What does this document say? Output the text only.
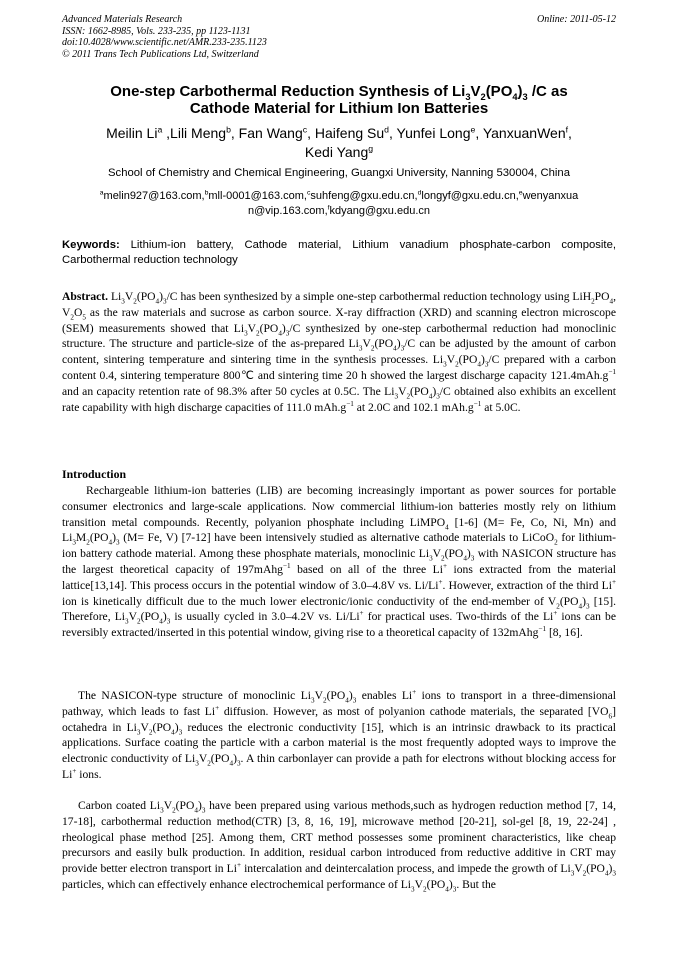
Advanced Materials Research
ISSN: 1662-8985, Vols. 233-235, pp 1123-1131
doi:10.4028/www.scientific.net/AMR.233-235.1123
© 2011 Trans Tech Publications Ltd, Switzerland
Online: 2011-05-12
One-step Carbothermal Reduction Synthesis of $Li_3V_2(PO_4)_3$ /C as
Cathode Material for Lithium Ion Batteries
Meilin Li$^a$ ,Lili Meng$^b$, Fan Wang$^c$, Haifeng Su$^d$, Yunfei Long$^e$, YanxuanWen$^f$,
Kedi Yang$^g$
School of Chemistry and Chemical Engineering, Guangxi University, Nanning 530004, China
$^a$melin927@163.com,$^b$mll-0001@163.com,$^c$suhfeng@gxu.edu.cn,$^d$longyf@gxu.edu.cn,$^e$wenyanxua
n@vip.163.com,$^f$kdyang@gxu.edu.cn
Keywords: Lithium-ion battery, Cathode material, Lithium vanadium phosphate-carbon composite, Carbothermal reduction technology
Abstract. $Li_3V_2(PO_4)_3/C$ has been synthesized by a simple one-step carbothermal reduction technology using $LiH_2PO_4$, $V_2O_5$ as the raw materials and sucrose as carbon source. X-ray diffraction (XRD) and scanning electron microscope (SEM) measurements showed that $Li_3V_2(PO_4)_3/C$ synthesized by one-step carbothermal reduction had monoclinic structure. The structure and particle-size of the as-prepared $Li_3V_2(PO_4)_3/C$ can be adjusted by the amount of carbon content, sintering temperature and sintering time in the synthesis processes. $Li_3V_2(PO_4)_3/C$ prepared with a carbon content 0.4, sintering temperature 800℃ and sintering time 20 h showed the largest discharge capacity $121.4mAh.g^{-1}$ and an capacity retention rate of 98.3% after 50 cycles at 0.5C. The $Li_3V_2(PO_4)_3/C$ obtained also exhibits an excellent rate capability with high discharge capacities of 111.0 $mAh.g^{-1}$ at 2.0C and 102.1 $mAh.g^{-1}$ at 5.0C.
Introduction
Rechargeable lithium-ion batteries (LIB) are becoming increasingly important as power sources for portable consumer electronics and large-scale applications. Now commercial lithium-ion batteries mostly rely on lithium transition metal compounds. Recently, polyanion phosphate including LiMPO$_4$ [1-6] (M= Fe, Co, Ni, Mn) and $Li_3M_2(PO_4)_3$ (M= Fe, V) [7-12] have been intensively studied as alternative cathode materials to LiCoO$_2$ for lithium-ion battery cathode material. Among these phosphate materials, monoclinic $Li_3V_2(PO_4)_3$ with NASICON structure has the largest theoretical capacity of 197mAhg$^{-1}$ based on all of the three Li+ ions extracted from the material lattice[13,14]. This process occurs in the potential window of 3.0–4.8V vs. Li/Li+. However, extraction of the third Li+ ion is kinetically difficult due to the much lower electronic/ionic conductivity of the end-member of $V_2(PO_4)_3$ [15]. Therefore, $Li_3V_2(PO_4)_3$ is usually cycled in 3.0–4.2V vs. Li/Li+ for practical uses. Two-thirds of the Li+ ions can be reversibly extracted/inserted in this potential window, giving rise to a theoretical capacity of 132mAhg$^{-1}$ [8, 16].
The NASICON-type structure of monoclinic $Li_3V_2(PO_4)_3$ enables Li+ ions to transport in a three-dimensional pathway, which leads to fast Li+ diffusion. However, as most of polyanion cathode materials, the separated $[VO_6]$ octahedra in $Li_3V_2(PO_4)_3$ reduces the electronic conductivity [15], which is an intrinsic drawback to its practical applications. Surface coating the particle with a carbon material is the most frequently adopted ways to improve the electronic conductivity of $Li_3V_2(PO_4)_3$. A thin carbonlayer can provide a path for electrons without blocking access for Li+ ions.
Carbon coated $Li_3V_2(PO_4)_3$ have been prepared using various methods,such as hydrogen reduction method [7, 14, 17-18], carbothermal reduction method(CTR) [3, 8, 16, 19], microwave method [20-21], sol-gel [8, 19, 22-24] , rheological phase method [25]. Among them, CRT method possesses some prominent characteristics, like cheap precursors and easily bulk production. In addition, residual carbon introduced from reductive additive in CRT may provide better electron transport in Li+ intercalation and deintercalation process, and impede the growth of $Li_3V_2(PO_4)_3$ particles, which can effectively enhance electrochemical performance of $Li_3V_2(PO_4)_3$. But the
